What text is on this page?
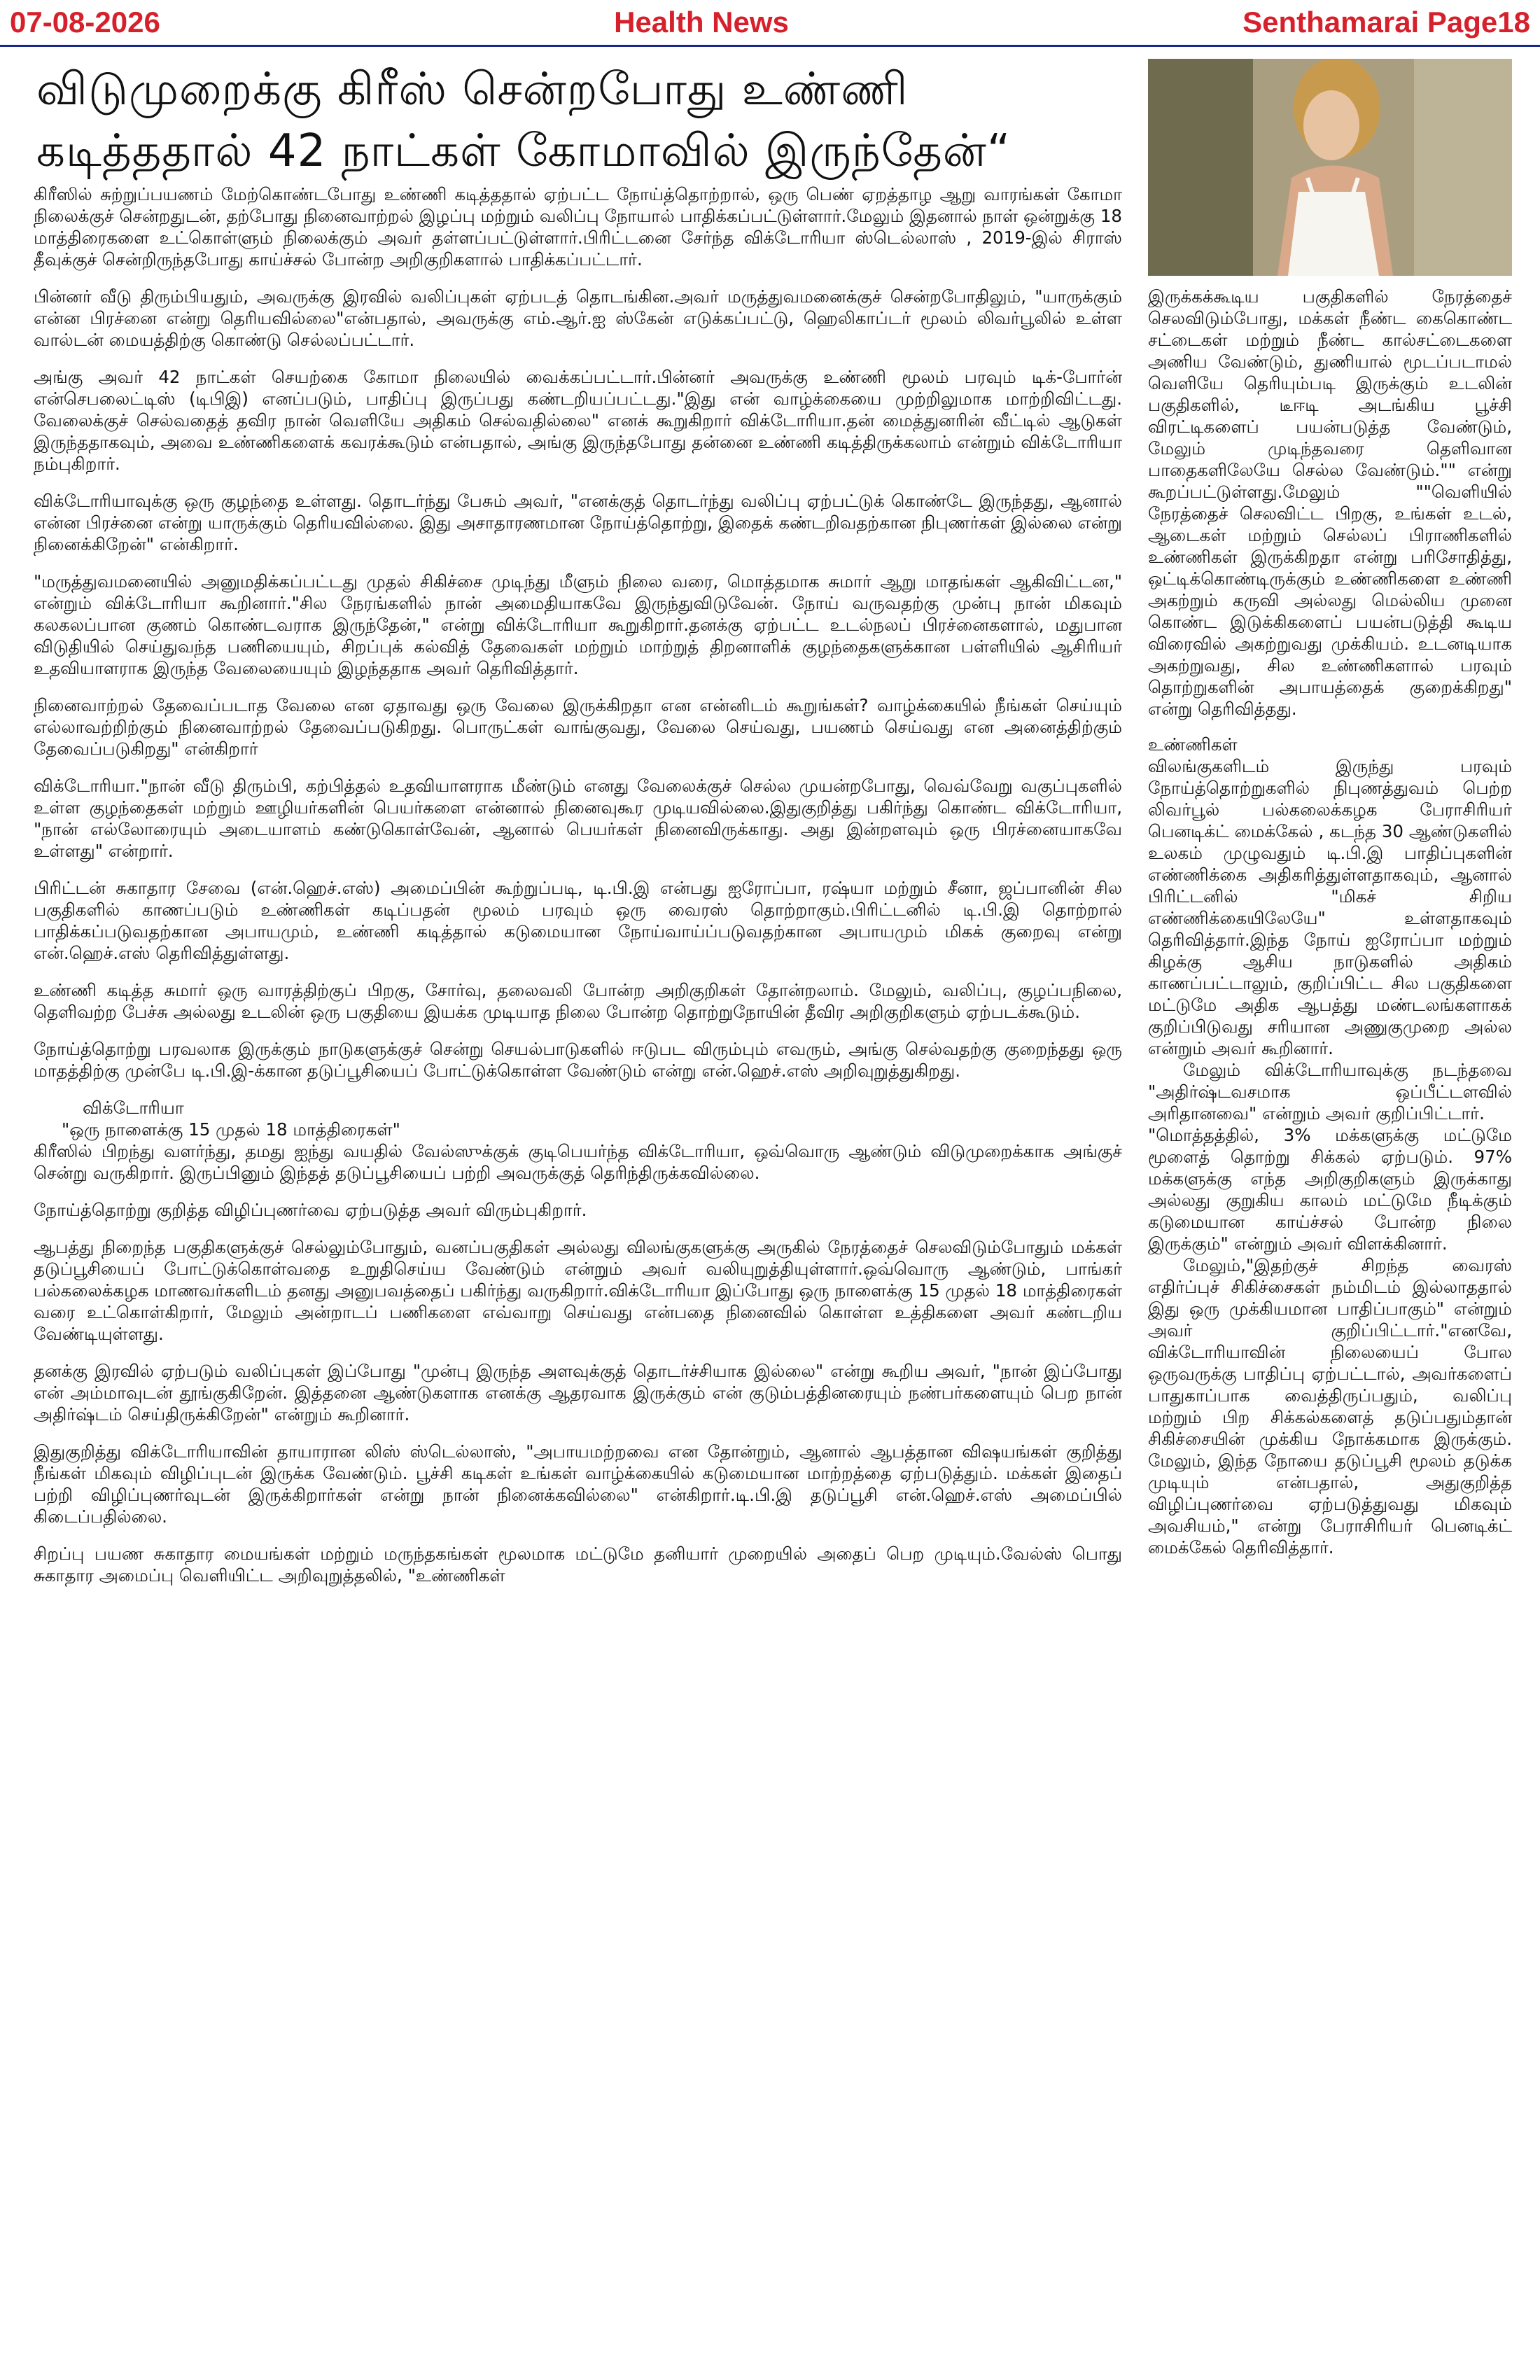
07-08-2026	Health News	Senthamarai Page18
விடுமுறைக்கு கிரீஸ் சென்றபோது உண்ணி கடித்ததால் 42 நாட்கள் கோமாவில் இருந்தேன்“

கிரீஸில் சுற்றுப்பயணம் மேற்கொண்டபோது உண்ணி கடித்ததால் ஏற்பட்ட நோய்த்தொற்றால், ஒரு பெண் ஏறத்தாழ ஆறு வாரங்கள் கோமா நிலைக்குச் சென்றதுடன், தற்போது நினைவாற்றல் இழப்பு மற்றும் வலிப்பு நோயால் பாதிக்கப்பட்டுள்ளார்.மேலும் இதனால் நாள் ஒன்றுக்கு 18 மாத்திரைகளை உட்கொள்ளும் நிலைக்கும் அவர் தள்ளப்பட்டுள்ளார்.பிரிட்டனை சேர்ந்த விக்டோரியா ஸ்டெல்லாஸ் , 2019-இல் சிராஸ் தீவுக்குச் சென்றிருந்தபோது காய்ச்சல் போன்ற அறிகுறிகளால் பாதிக்கப்பட்டார்.

பின்னர் வீடு திரும்பியதும், அவருக்கு இரவில் வலிப்புகள் ஏற்படத் தொடங்கின.அவர் மருத்துவமனைக்குச் சென்றபோதிலும், "யாருக்கும் என்ன பிரச்னை என்று தெரியவில்லை"என்பதால், அவருக்கு எம்.ஆர்.ஐ ஸ்கேன் எடுக்கப்பட்டு, ஹெலிகாப்டர் மூலம் லிவர்பூலில் உள்ள வால்டன் மையத்திற்கு கொண்டு செல்லப்பட்டார்.

அங்கு அவர் 42 நாட்கள் செயற்கை கோமா நிலையில் வைக்கப்பட்டார்.பின்னர் அவருக்கு உண்ணி மூலம் பரவும் டிக்-போர்ன் என்செபலைட்டிஸ் (டிபிஇ) எனப்படும், பாதிப்பு இருப்பது கண்டறியப்பட்டது."இது என் வாழ்க்கையை முற்றிலுமாக மாற்றிவிட்டது. வேலைக்குச் செல்வதைத் தவிர நான் வெளியே அதிகம் செல்வதில்லை" எனக் கூறுகிறார் விக்டோரியா.தன் மைத்துனரின் வீட்டில் ஆடுகள் இருந்ததாகவும், அவை உண்ணிகளைக் கவரக்கூடும் என்பதால், அங்கு இருந்தபோது தன்னை உண்ணி கடித்திருக்கலாம் என்றும் விக்டோரியா நம்புகிறார்.

விக்டோரியாவுக்கு ஒரு குழந்தை உள்ளது. தொடர்ந்து பேசும் அவர், "எனக்குத் தொடர்ந்து வலிப்பு ஏற்பட்டுக் கொண்டே இருந்தது, ஆனால் என்ன பிரச்னை என்று யாருக்கும் தெரியவில்லை. இது அசாதாரணமான நோய்த்தொற்று, இதைக் கண்டறிவதற்கான நிபுணர்கள் இல்லை என்று நினைக்கிறேன்" என்கிறார்.

"மருத்துவமனையில் அனுமதிக்கப்பட்டது முதல் சிகிச்சை முடிந்து மீளும் நிலை வரை, மொத்தமாக சுமார் ஆறு மாதங்கள் ஆகிவிட்டன," என்றும் விக்டோரியா கூறினார்."சில நேரங்களில் நான் அமைதியாகவே இருந்துவிடுவேன். நோய் வருவதற்கு முன்பு நான் மிகவும் கலகலப்பான குணம் கொண்டவராக இருந்தேன்," என்று விக்டோரியா கூறுகிறார்.தனக்கு ஏற்பட்ட உடல்நலப் பிரச்னைகளால், மதுபான விடுதியில் செய்துவந்த பணியையும், சிறப்புக் கல்வித் தேவைகள் மற்றும் மாற்றுத் திறனாளிக் குழந்தைகளுக்கான பள்ளியில் ஆசிரியர் உதவியாளராக இருந்த வேலையையும் இழந்ததாக அவர் தெரிவித்தார்.

நினைவாற்றல் தேவைப்படாத வேலை என ஏதாவது ஒரு வேலை இருக்கிறதா என என்னிடம் கூறுங்கள்? வாழ்க்கையில் நீங்கள் செய்யும் எல்லாவற்றிற்கும் நினைவாற்றல் தேவைப்படுகிறது. பொருட்கள் வாங்குவது, வேலை செய்வது, பயணம் செய்வது என அனைத்திற்கும் தேவைப்படுகிறது" என்கிறார்

விக்டோரியா."நான் வீடு திரும்பி, கற்பித்தல் உதவியாளராக மீண்டும் எனது வேலைக்குச் செல்ல முயன்றபோது, வெவ்வேறு வகுப்புகளில் உள்ள குழந்தைகள் மற்றும் ஊழியர்களின் பெயர்களை என்னால் நினைவுகூர முடியவில்லை.இதுகுறித்து பகிர்ந்து கொண்ட விக்டோரியா, "நான் எல்லோரையும் அடையாளம் கண்டுகொள்வேன், ஆனால் பெயர்கள் நினைவிருக்காது. அது இன்றளவும் ஒரு பிரச்னையாகவே உள்ளது" என்றார்.

பிரிட்டன் சுகாதார சேவை (என்.ஹெச்.எஸ்) அமைப்பின் கூற்றுப்படி, டி.பி.இ என்பது ஐரோப்பா, ரஷ்யா மற்றும் சீனா, ஜப்பானின் சில பகுதிகளில் காணப்படும் உண்ணிகள் கடிப்பதன் மூலம் பரவும் ஒரு வைரஸ் தொற்றாகும்.பிரிட்டனில் டி.பி.இ தொற்றால் பாதிக்கப்படுவதற்கான அபாயமும், உண்ணி கடித்தால் கடுமையான நோய்வாய்ப்படுவதற்கான அபாயமும் மிகக் குறைவு என்று என்.ஹெச்.எஸ் தெரிவித்துள்ளது.

உண்ணி கடித்த சுமார் ஒரு வாரத்திற்குப் பிறகு, சோர்வு, தலைவலி போன்ற அறிகுறிகள் தோன்றலாம். மேலும், வலிப்பு, குழப்பநிலை, தெளிவற்ற பேச்சு அல்லது உடலின் ஒரு பகுதியை இயக்க முடியாத நிலை போன்ற தொற்றுநோயின் தீவிர அறிகுறிகளும் ஏற்படக்கூடும்.

நோய்த்தொற்று பரவலாக இருக்கும் நாடுகளுக்குச் சென்று செயல்பாடுகளில் ஈடுபட விரும்பும் எவரும், அங்கு செல்வதற்கு குறைந்தது ஒரு மாதத்திற்கு முன்பே டி.பி.இ-க்கான தடுப்பூசியைப் போட்டுக்கொள்ள வேண்டும் என்று என்.ஹெச்.எஸ் அறிவுறுத்துகிறது.

விக்டோரியா

"ஒரு நாளைக்கு 15 முதல் 18 மாத்திரைகள்"

கிரீஸில் பிறந்து வளர்ந்து, தமது ஐந்து வயதில் வேல்ஸுக்குக் குடிபெயர்ந்த விக்டோரியா, ஒவ்வொரு ஆண்டும் விடுமுறைக்காக அங்குச் சென்று வருகிறார். இருப்பினும் இந்தத் தடுப்பூசியைப் பற்றி அவருக்குத் தெரிந்திருக்கவில்லை.

நோய்த்தொற்று குறித்த விழிப்புணர்வை ஏற்படுத்த அவர் விரும்புகிறார்.

ஆபத்து நிறைந்த பகுதிகளுக்குச் செல்லும்போதும், வனப்பகுதிகள் அல்லது விலங்குகளுக்கு அருகில் நேரத்தைச் செலவிடும்போதும் மக்கள் தடுப்பூசியைப் போட்டுக்கொள்வதை உறுதிசெய்ய வேண்டும் என்றும் அவர் வலியுறுத்தியுள்ளார்.ஒவ்வொரு ஆண்டும், பாங்கர் பல்கலைக்கழக மாணவர்களிடம் தனது அனுபவத்தைப் பகிர்ந்து வருகிறார்.விக்டோரியா இப்போது ஒரு நாளைக்கு 15 முதல் 18 மாத்திரைகள் வரை உட்கொள்கிறார், மேலும் அன்றாடப் பணிகளை எவ்வாறு செய்வது என்பதை நினைவில் கொள்ள உத்திகளை அவர் கண்டறிய வேண்டியுள்ளது.

தனக்கு இரவில் ஏற்படும் வலிப்புகள் இப்போது "முன்பு இருந்த அளவுக்குத் தொடர்ச்சியாக இல்லை" என்று கூறிய அவர், "நான் இப்போது என் அம்மாவுடன் தூங்குகிறேன். இத்தனை ஆண்டுகளாக எனக்கு ஆதரவாக இருக்கும் என் குடும்பத்தினரையும் நண்பர்களையும் பெற நான் அதிர்ஷ்டம் செய்திருக்கிறேன்" என்றும் கூறினார்.

இதுகுறித்து விக்டோரியாவின் தாயாரான லிஸ் ஸ்டெல்லாஸ், "அபாயமற்றவை என தோன்றும், ஆனால் ஆபத்தான விஷயங்கள் குறித்து நீங்கள் மிகவும் விழிப்புடன் இருக்க வேண்டும். பூச்சி கடிகள் உங்கள் வாழ்க்கையில் கடுமையான மாற்றத்தை ஏற்படுத்தும். மக்கள் இதைப் பற்றி விழிப்புணர்வுடன் இருக்கிறார்கள் என்று நான் நினைக்கவில்லை" என்கிறார்.டி.பி.இ தடுப்பூசி என்.ஹெச்.எஸ் அமைப்பில் கிடைப்பதில்லை.

சிறப்பு பயண சுகாதார மையங்கள் மற்றும் மருந்தகங்கள் மூலமாக மட்டுமே தனியார் முறையில் அதைப் பெற முடியும்.வேல்ஸ் பொது சுகாதார அமைப்பு வெளியிட்ட அறிவுறுத்தலில், "உண்ணிகள்

இருக்கக்கூடிய பகுதிகளில் நேரத்தைச் செலவிடும்போது, மக்கள் நீண்ட கைகொண்ட சட்டைகள் மற்றும் நீண்ட கால்சட்டைகளை அணிய வேண்டும், துணியால் மூடப்படாமல் வெளியே தெரியும்படி இருக்கும் உடலின் பகுதிகளில், டீஈடி அடங்கிய பூச்சி விரட்டிகளைப் பயன்படுத்த வேண்டும், மேலும் முடிந்தவரை தெளிவான பாதைகளிலேயே செல்ல வேண்டும்."" என்று கூறப்பட்டுள்ளது.மேலும் ""வெளியில் நேரத்தைச் செலவிட்ட பிறகு, உங்கள் உடல், ஆடைகள் மற்றும் செல்லப் பிராணிகளில் உண்ணிகள் இருக்கிறதா என்று பரிசோதித்து, ஒட்டிக்கொண்டிருக்கும் உண்ணிகளை உண்ணி அகற்றும் கருவி அல்லது மெல்லிய முனை கொண்ட இடுக்கிகளைப் பயன்படுத்தி கூடிய விரைவில் அகற்றுவது முக்கியம். உடனடியாக அகற்றுவது, சில உண்ணிகளால் பரவும் தொற்றுகளின் அபாயத்தைக் குறைக்கிறது" என்று தெரிவித்தது.

உண்ணிகள்

விலங்குகளிடம் இருந்து பரவும் நோய்த்தொற்றுகளில் நிபுணத்துவம் பெற்ற லிவர்பூல் பல்கலைக்கழக பேராசிரியர் பெனடிக்ட் மைக்கேல் , கடந்த 30 ஆண்டுகளில் உலகம் முழுவதும் டி.பி.இ பாதிப்புகளின் எண்ணிக்கை அதிகரித்துள்ளதாகவும், ஆனால் பிரிட்டனில் "மிகச் சிறிய எண்ணிக்கையிலேயே" உள்ளதாகவும் தெரிவித்தார்.இந்த நோய் ஐரோப்பா மற்றும் கிழக்கு ஆசிய நாடுகளில் அதிகம் காணப்பட்டாலும், குறிப்பிட்ட சில பகுதிகளை மட்டுமே அதிக ஆபத்து மண்டலங்களாகக் குறிப்பிடுவது சரியான அணுகுமுறை அல்ல என்றும் அவர் கூறினார்.

மேலும் விக்டோரியாவுக்கு நடந்தவை "அதிர்ஷ்டவசமாக ஒப்பீட்டளவில் அரிதானவை" என்றும் அவர் குறிப்பிட்டார்.

"மொத்தத்தில், 3% மக்களுக்கு மட்டுமே மூளைத் தொற்று சிக்கல் ஏற்படும். 97% மக்களுக்கு எந்த அறிகுறிகளும் இருக்காது அல்லது குறுகிய காலம் மட்டுமே நீடிக்கும் கடுமையான காய்ச்சல் போன்ற நிலை இருக்கும்" என்றும் அவர் விளக்கினார்.

மேலும்,"இதற்குச் சிறந்த வைரஸ் எதிர்ப்புச் சிகிச்சைகள் நம்மிடம் இல்லாததால் இது ஒரு முக்கியமான பாதிப்பாகும்" என்றும் அவர் குறிப்பிட்டார்."எனவே, விக்டோரியாவின் நிலையைப் போல ஒருவருக்கு பாதிப்பு ஏற்பட்டால், அவர்களைப் பாதுகாப்பாக வைத்திருப்பதும், வலிப்பு மற்றும் பிற சிக்கல்களைத் தடுப்பதும்தான் சிகிச்சையின் முக்கிய நோக்கமாக இருக்கும். மேலும், இந்த நோயை தடுப்பூசி மூலம் தடுக்க முடியும் என்பதால், அதுகுறித்த விழிப்புணர்வை ஏற்படுத்துவது மிகவும் அவசியம்," என்று பேராசிரியர் பெனடிக்ட் மைக்கேல் தெரிவித்தார்.
